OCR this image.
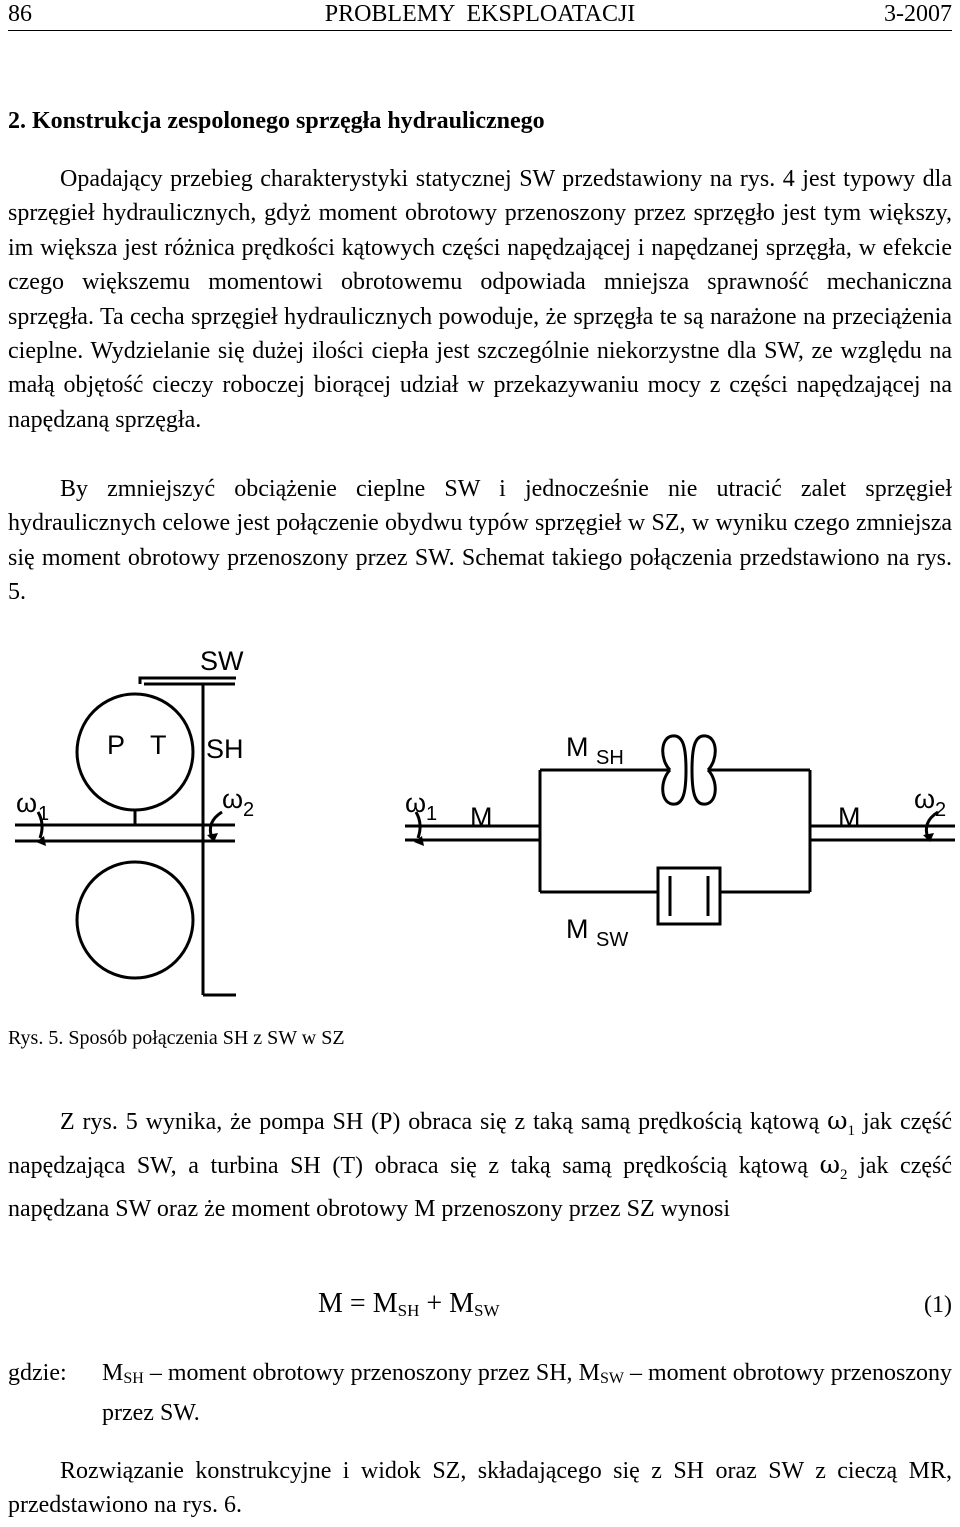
86	PROBLEMY  EKSPLOATACJI	3-2007
2. Konstrukcja zespolonego sprzęgła hydraulicznego

Opadający przebieg charakterystyki statycznej SW przedstawiony na rys. 4 jest typowy dla sprzęgieł hydraulicznych, gdyż moment obrotowy przenoszony przez sprzęgło jest tym większy, im większa jest różnica prędkości kątowych części napędzającej i napędzanej sprzęgła, w efekcie czego większemu momentowi obrotowemu odpowiada mniejsza sprawność mechaniczna sprzęgła. Ta cecha sprzęgieł hydraulicznych powoduje, że sprzęgła te są narażone na przeciążenia cieplne. Wydzielanie się dużej ilości ciepła jest szczególnie niekorzystne dla SW, ze względu na małą objętość cieczy roboczej biorącej udział w przekazywaniu mocy z części napędzającej na napędzaną sprzęgła.

By zmniejszyć obciążenie cieplne SW i jednocześnie nie utracić zalet sprzęgieł hydraulicznych celowe jest połączenie obydwu typów sprzęgieł w SZ, w wyniku czego zmniejsza się moment obrotowy przenoszony przez SW. Schemat takiego połączenia przedstawiono na rys. 5.

SW
P T SH
ω 1	ω 2
M SH
M	M
M SW
ω 1	ω 2
Rys. 5. Sposób połączenia SH z SW w SZ

Z rys. 5 wynika, że pompa SH (P) obraca się z taką samą prędkością kątową $\omega_1$ jak część napędzająca SW, a turbina SH (T) obraca się z taką samą prędkością kątową $\omega_2$ jak część napędzana SW oraz że moment obrotowy M przenoszony przez SZ wynosi

$M = M_{SH} + M_{SW}$	(1)
gdzie: $M_{SH}$ – moment obrotowy przenoszony przez SH, $M_{SW}$ – moment obrotowy przenoszony przez SW.

Rozwiązanie konstrukcyjne i widok SZ, składającego się z SH oraz SW z cieczą MR, przedstawiono na rys. 6.
